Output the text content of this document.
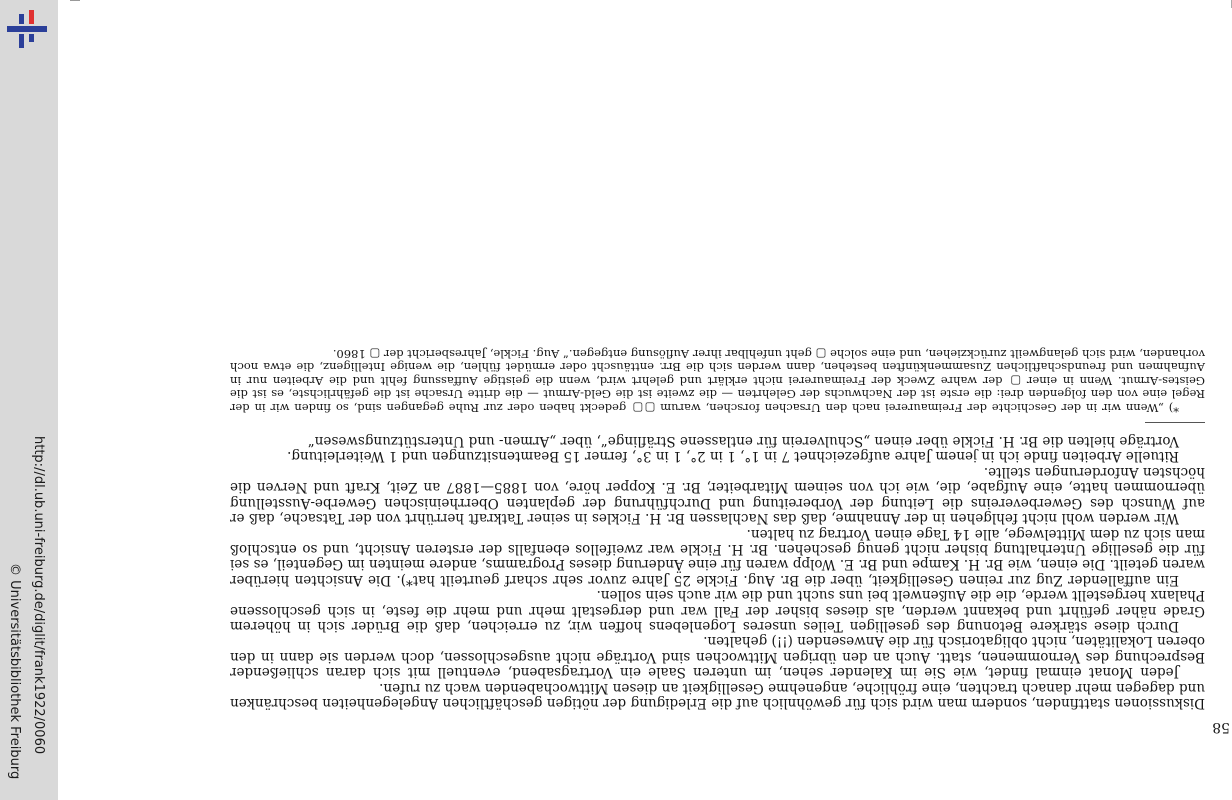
http://dl.ub.uni-freiburg.de/diglit/frank1922/0060
© Universitätsbibliothek Freiburg	Diskussionen stattfinden, sondern man wird sich für gewöhnlich auf die Erledigung der nötigen geschäftlichen Angelegenheiten beschränken und dagegen mehr danach trachten, eine fröhliche, angenehme Geselligkeit an diesen Mittwochabenden wach zu rufen.

Jeden Monat einmal findet, wie Sie im Kalender sehen, im unteren Saale ein Vortragsabend, eventuell mit sich daran schließender Besprechung des Vernommenen, statt. Auch an den übrigen Mittwochen sind Vorträge nicht ausgeschlossen, doch werden sie dann in den oberen Lokalitäten, nicht obligatorisch für die Anwesenden (!!) gehalten.

Durch diese stärkere Betonung des geselligen Teiles unseres Logenlebens hoffen wir, zu erreichen, daß die Brüder sich in höherem Grade näher geführt und bekannt werden, als dieses bisher der Fall war und dergestalt mehr und mehr die feste, in sich geschlossene Phalanx hergestellt werde, die die Außenwelt bei uns sucht und die wir auch sein sollen.

Ein auffallender Zug zur reinen Geselligkeit, über die Br. Aug. Fickle 25 Jahre zuvor sehr scharf geurteilt hat*). Die Ansichten hierüber waren geteilt. Die einen, wie Br. H. Kampe und Br. E. Wolpp waren für eine Änderung dieses Programms, andere meinten im Gegenteil, es sei für die gesellige Unterhaltung bisher nicht genug geschehen. Br. H. Fickle war zweifellos ebenfalls der ersteren Ansicht, und so entschloß man sich zu dem Mittelwege, alle 14 Tage einen Vortrag zu halten.

Wir werden wohl nicht fehlgehen in der Annahme, daß das Nachlassen Br. H. Fickles in seiner Tatkraft herrührt von der Tatsache, daß er auf Wunsch des Gewerbevereins die Leitung der Vorbereitung und Durchführung der geplanten Oberrheinischen Gewerbe-Ausstellung übernommen hatte, eine Aufgabe, die, wie ich von seinem Mitarbeiter, Br. E. Kopper höre, von 1885—1887 an Zeit, Kraft und Nerven die höchsten Anforderungen stellte.

Rituelle Arbeiten finde ich in jenem Jahre aufgezeichnet 7 in 1°, 1 in 2°, 1 in 3°, ferner 15 Beamtensitzungen und 1 Weiterleitung.

Vorträge hielten die Br. H. Fickle über einen „Schulverein für entlassene Sträflinge“, über „Armen- und Unterstützungswesen“

*) „Wenn wir in der Geschichte der Freimaurerei nach den Ursachen forschen, warum ▢▢ gedeckt haben oder zur Ruhe gegangen sind, so finden wir in der Regel eine von den folgenden drei: die erste ist der Nachwuchs der Gelehrten — die zweite ist die Geld-Armut — die dritte Ursache ist die gefährlichste, es ist die Geistes-Armut. Wenn in einer ▢ der wahre Zweck der Freimaurerei nicht erklärt und gelehrt wird, wenn die geistige Auffassung fehlt und die Arbeiten nur in Aufnahmen und freundschaftlichen Zusammenkünften bestehen, dann werden sich die Brr. enttäuscht oder ermüdet fühlen, die wenige Intelligenz, die etwa noch vorhanden, wird sich gelangweilt zurückziehen, und eine solche ▢ geht unfehlbar ihrer Auflösung entgegen.“ Aug. Fickle, Jahresbericht der ▢ 1860.

58
